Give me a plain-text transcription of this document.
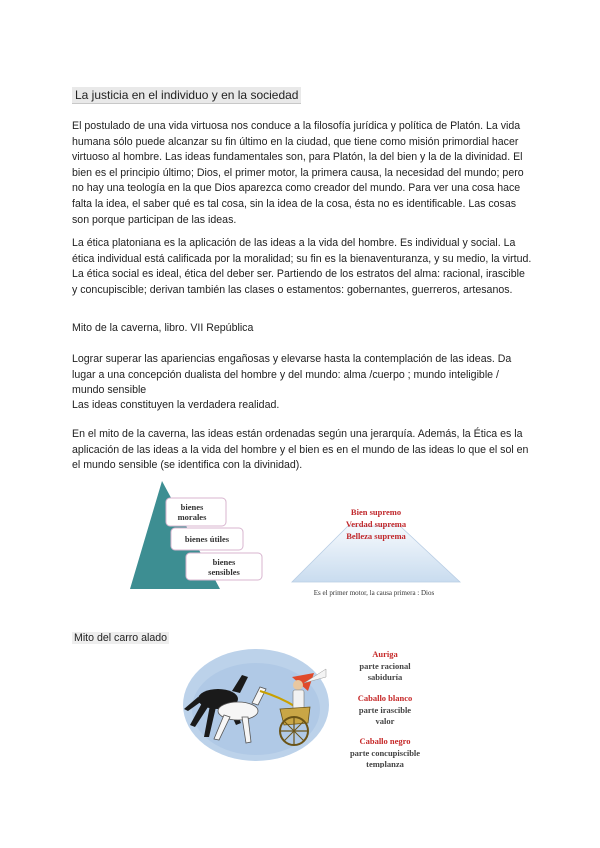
La justicia en el individuo y en la sociedad

El postulado de una vida virtuosa nos conduce a la filosofía jurídica y política de Platón. La vida humana sólo puede alcanzar su fin último en la ciudad, que tiene como misión primordial hacer virtuoso al hombre. Las ideas fundamentales son, para Platón, la del bien y la de la divinidad. El bien es el principio último; Dios, el primer motor, la primera causa, la necesidad del mundo; pero no hay una teología en la que Dios aparezca como creador del mundo. Para ver una cosa hace falta la idea, el saber qué es tal cosa, sin la idea de la cosa, ésta no es identificable. Las cosas son porque participan de las ideas.

La ética platoniana es la aplicación de las ideas a la vida del hombre. Es individual y social. La ética individual está calificada por la moralidad; su fin es la bienaventuranza, y su medio, la virtud. La ética social es ideal, ética del deber ser. Partiendo de los estratos del alma: racional, irascible y concupiscible; derivan también las clases o estamentos: gobernantes, guerreros, artesanos.

Mito de la caverna, libro. VII República

Lograr superar las apariencias engañosas y elevarse hasta la contemplación de las ideas. Da lugar a una concepción dualista del hombre y del mundo: alma /cuerpo ; mundo inteligible / mundo sensible

Las ideas constituyen la verdadera realidad.

En el mito de la caverna, las ideas están ordenadas según una jerarquía. Además, la Ética es la aplicación de las ideas a la vida del hombre y el bien es en el mundo de las ideas lo que el sol en el mundo sensible (se identifica con la divinidad).

bienes
morales
bienes útiles
bienes
sensibles
Bien supremo
Verdad suprema
Belleza suprema
Es el primer motor, la causa primera : Dios
Mito del carro alado
Auriga
parte racional
sabiduría
Caballo blanco
parte irascible
valor
Caballo negro
parte concupiscible
templanza
